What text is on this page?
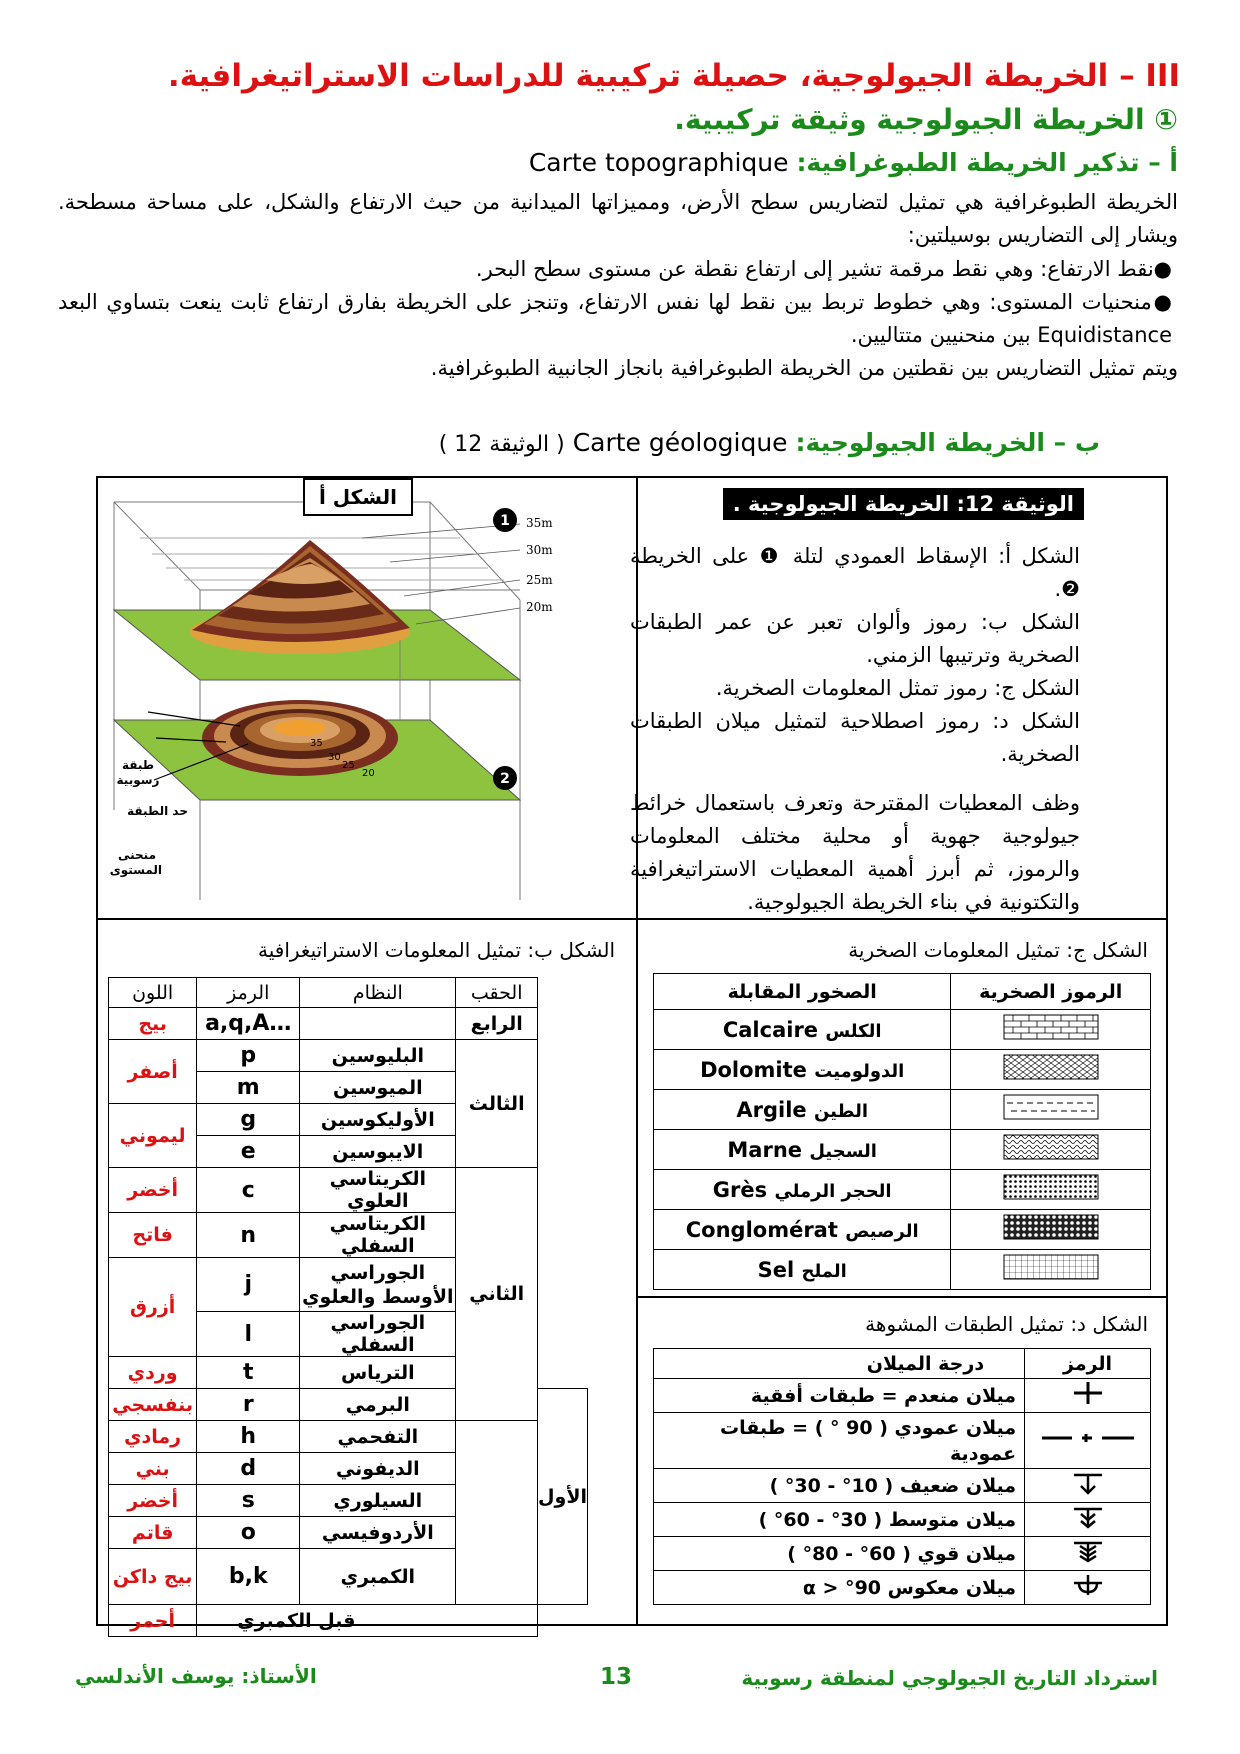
III – الخريطة الجيولوجية، حصيلة تركيبية للدراسات الاستراتيغرافية.
① الخريطة الجيولوجية وثيقة تركيبية.
أ – تذكير الخريطة الطبوغرافية: Carte topographique
الخريطة الطبوغرافية هي تمثيل لتضاريس سطح الأرض، ومميزاتها الميدانية من حيث الارتفاع والشكل، على مساحة مسطحة. ويشار إلى التضاريس بوسيلتين:
●نقط الارتفاع: وهي نقط مرقمة تشير إلى ارتفاع نقطة عن مستوى سطح البحر.
●منحنيات المستوى: وهي خطوط تربط بين نقط لها نفس الارتفاع، وتنجز على الخريطة بفارق ارتفاع ثابت ينعت بتساوي البعد Equidistance بين منحنيين متتاليين.
ويتم تمثيل التضاريس بين نقطتين من الخريطة الطبوغرافية بانجاز الجانبية الطبوغرافية.
ب – الخريطة الجيولوجية: Carte géologique ( الوثيقة 12 )
35m
30m
25m
20m
35
30
25
20
1
2
طبقة رسوبية
حد الطبقة
منحنى المستوى
الشكل أ	الوثيقة 12: الخريطة الجيولوجية .
الشكل أ: الإسقاط العمودي لتلة ❶ على الخريطة ❷.
الشكل ب: رموز وألوان تعبر عن عمر الطبقات الصخرية وترتيبها الزمني.
الشكل ج: رموز تمثل المعلومات الصخرية.
الشكل د: رموز اصطلاحية لتمثيل ميلان الطبقات الصخرية.
وظف المعطيات المقترحة وتعرف باستعمال خرائط جيولوجية جهوية أو محلية مختلف المعلومات والرموز، ثم أبرز أهمية المعطيات الاستراتيغرافية والتكتونية في بناء الخريطة الجيولوجية.
الشكل ب: تمثيل المعلومات الاستراتيغرافية
اللون	الرمز	النظام	الحقب	
بيج	a,q,A…		الرابع	
أصفر	p	البليوسين	الثالث	
	m	الميوسين		
ليموني	g	الأوليكوسين		
	e	الايبوسين		
أخضر	c	الكريتاسي العلوي	الثاني	
فاتح	n	الكريتاسي السفلي		
أزرق	j	الجوراسي الأوسط والعلوي		
	l	الجوراسي السفلي		
وردي	t	الترياس		
بنفسجي	r	البرمي		الأول
رمادي	h	التفحمي		
بني	d	الديفوني		
أخضر	s	السيلوري		
قاتم	o	الأردوفيسي		
بيج داكن	b,k	الكمبري		
أحمر	قبل الكمبري			
الشكل ج: تمثيل المعلومات الصخرية
الصخور المقابلة	الرموز الصخرية
Calcaire الكلس	
Dolomite الدولوميت	
Argile الطين	
Marne السجيل	
Grès الحجر الرملي	
Conglomérat الرصيص	
Sel الملح	
الشكل د: تمثيل الطبقات المشوهة
درجة الميلان	الرمز
ميلان منعدم = طبقات أفقية	
ميلان عمودي ( 90 ° ) = طبقات عمودية	
ميلان ضعيف ( 10° - 30° )	
ميلان متوسط ( 30° - 60° )	
ميلان قوي ( 60° - 80° )	
ميلان معكوس 90° < α	
استرداد التاريخ الجيولوجي لمنطقة رسوبية
13
الأستاذ: يوسف الأندلسي
